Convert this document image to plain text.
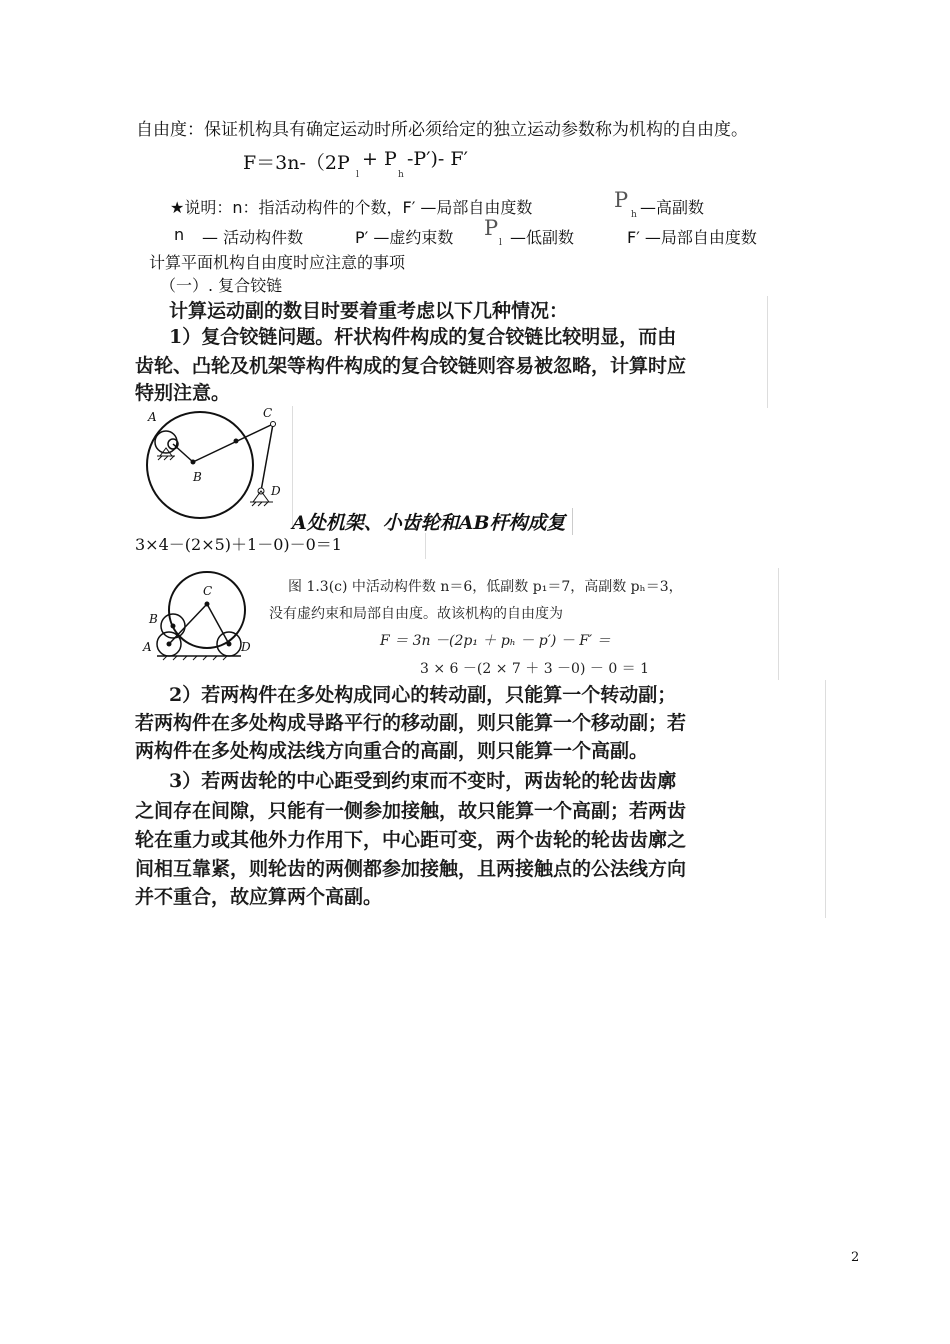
自由度：保证机构具有确定运动时所必须给定的独立运动参数称为机构的自由度。
F＝3n-（2P
l
+ P
h
-P′)- F′
★说明：n：指活动构件的个数，F′ —局部自由度数	P
h —高副数
n — 活动构件数	P′ —虚约束数 P
l —低副数	F′ —局部自由度数
计算平面机构自由度时应注意的事项
（一）. 复合铰链
计算运动副的数目时要着重考虑以下几种情况：
1）复合铰链问题。杆状构件构成的复合铰链比较明显，而由
齿轮、凸轮及机架等构件构成的复合铰链则容易被忽略，计算时应
特别注意。
A
B
C
D
A处机架、小齿轮和AB杆构成复
3×4－(2×5)＋1－0)－0＝1
A
B
C
D
图 1.3(c) 中活动构件数 n＝6，低副数 p₁＝7，高副数 pₕ＝3，
没有虚约束和局部自由度。故该机构的自由度为
F ＝ 3n －(2p₁ ＋ pₕ － p′) － F′ ＝
3 × 6 －(2 × 7 ＋ 3 －0) － 0 ＝ 1
2）若两构件在多处构成同心的转动副，只能算一个转动副；
若两构件在多处构成导路平行的移动副，则只能算一个移动副；若
两构件在多处构成法线方向重合的高副，则只能算一个高副。
3）若两齿轮的中心距受到约束而不变时，两齿轮的轮齿齿廓
之间存在间隙，只能有一侧参加接触，故只能算一个高副；若两齿
轮在重力或其他外力作用下，中心距可变，两个齿轮的轮齿齿廓之
间相互靠紧，则轮齿的两侧都参加接触，且两接触点的公法线方向
并不重合，故应算两个高副。
2
